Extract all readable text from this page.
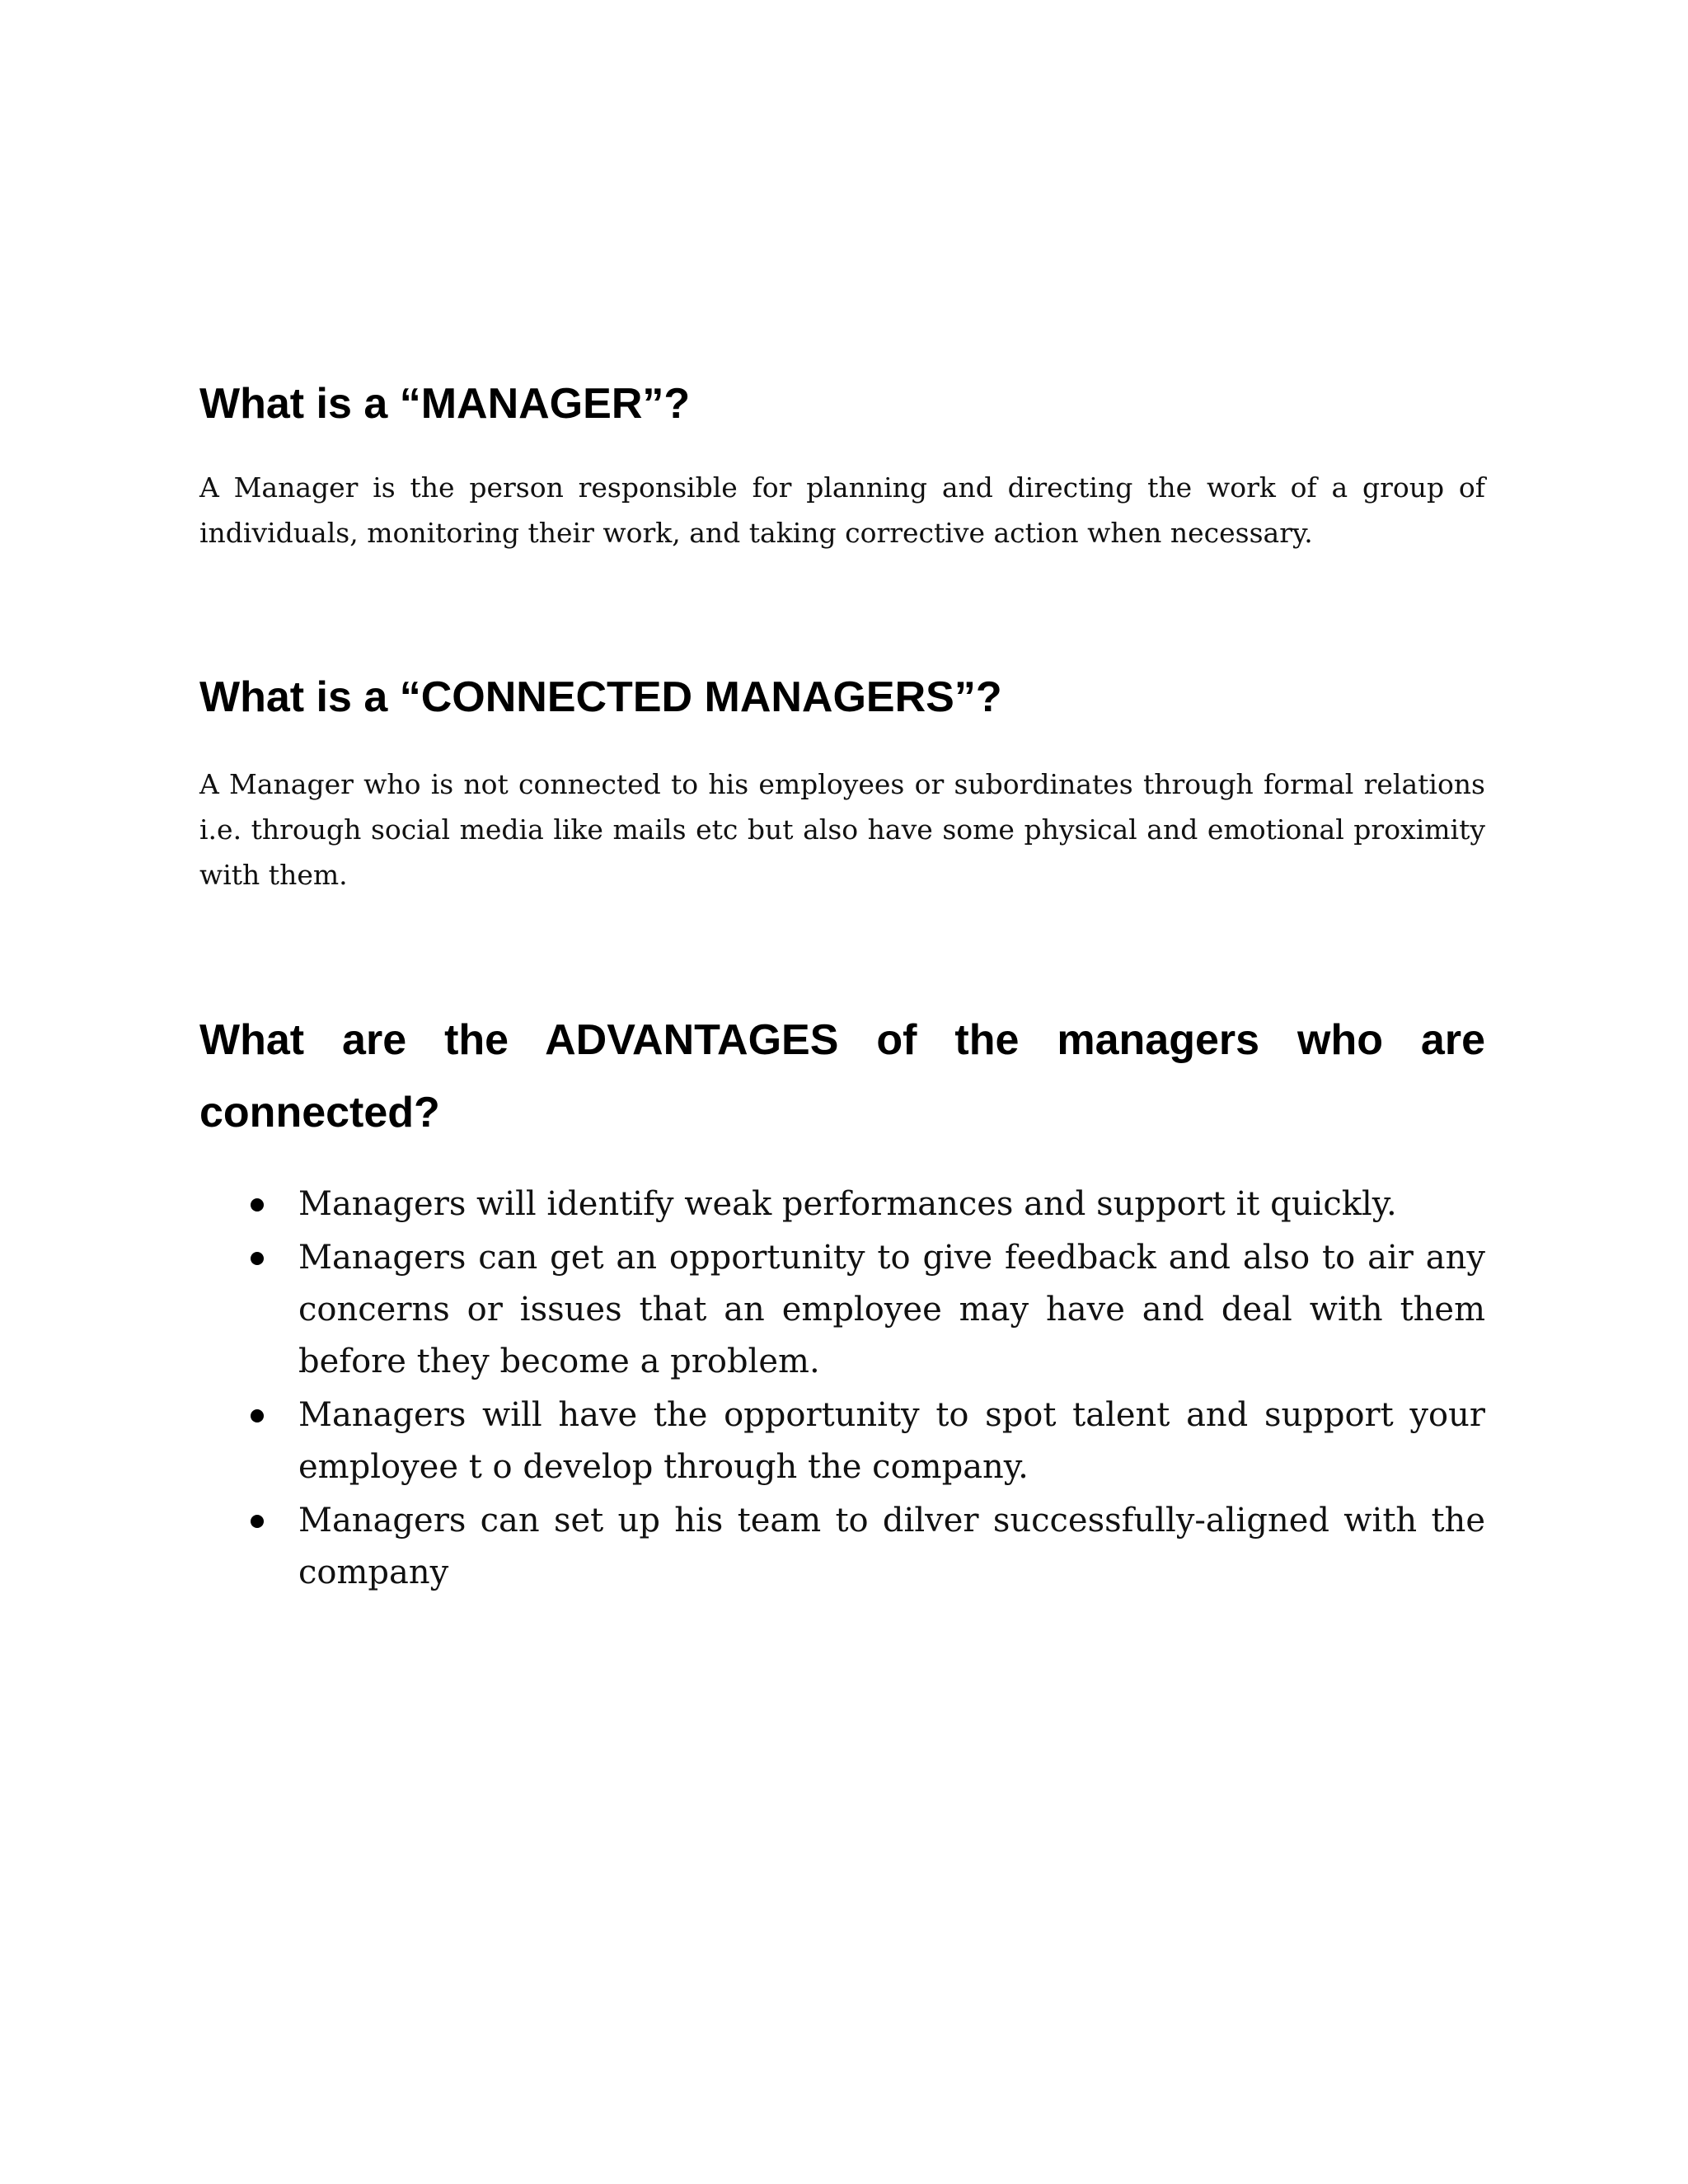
What is a “MANAGER”?

A Manager is the person responsible for planning and directing the work of a group of individuals, monitoring their work, and taking corrective action when necessary.

What is a “CONNECTED MANAGERS”?

A Manager who is not connected to his employees or subordinates through formal relations i.e. through social media like mails etc but also have some physical and emotional proximity with them.

What are the ADVANTAGES of the managers who are connected?
Managers will identify weak performances and support it quickly.
Managers can get an opportunity to give feedback and also to air any concerns or issues that an employee may have and deal with them before they become a problem.
Managers will have the opportunity to spot talent and support your employee t o develop through the company.
Managers can set up his team to dilver successfully-aligned with the company
